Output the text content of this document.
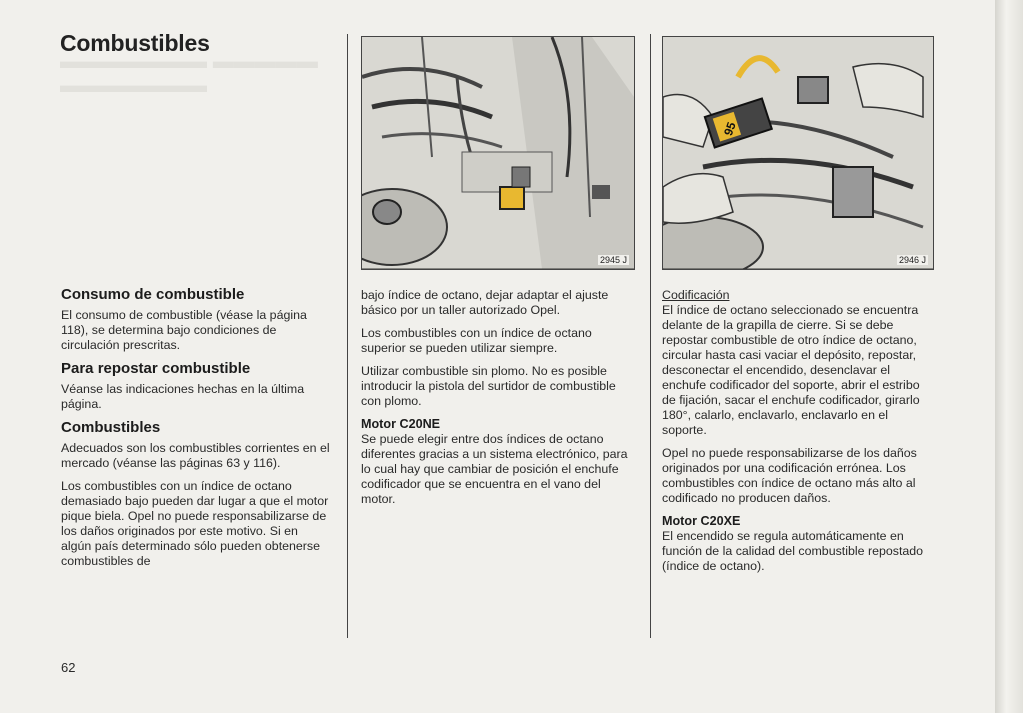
▬▬▬▬▬▬▬ ▬▬▬▬▬
▬▬▬▬▬▬▬
Combustibles
2945 J
95
2946 J
Consumo de combustible

El consumo de combustible (véase la página 118), se determina bajo condiciones de circulación prescritas.

Para repostar combustible

Véanse las indicaciones hechas en la última página.

Combustibles

Adecuados son los combustibles corrientes en el mercado (véanse las páginas 63 y 116).

Los combustibles con un índice de octano demasiado bajo pueden dar lugar a que el motor pique biela. Opel no puede responsabilizarse de los daños originados por este motivo. Si en algún país determinado sólo pueden obtenerse combustibles de

bajo índice de octano, dejar adaptar el ajuste básico por un taller autorizado Opel.

Los combustibles con un índice de octano superior se pueden utilizar siempre.

Utilizar combustible sin plomo. No es posible introducir la pistola del surtidor de combustible con plomo.

Motor C20NE

Se puede elegir entre dos índices de octano diferentes gracias a un sistema electrónico, para lo cual hay que cambiar de posición el enchufe codificador que se encuentra en el vano del motor.

Codificación

El índice de octano seleccionado se encuentra delante de la grapilla de cierre. Si se debe repostar combustible de otro índice de octano, circular hasta casi vaciar el depósito, repostar, desconectar el encendido, desenclavar el enchufe codificador del soporte, abrir el estribo de fijación, sacar el enchufe codificador, girarlo 180°, calarlo, enclavarlo, enclavarlo en el soporte.

Opel no puede responsabilizarse de los daños originados por una codificación errónea. Los combustibles con índice de octano más alto al codificado no producen daños.

Motor C20XE

El encendido se regula automáticamente en función de la calidad del combustible repostado (índice de octano).

62
